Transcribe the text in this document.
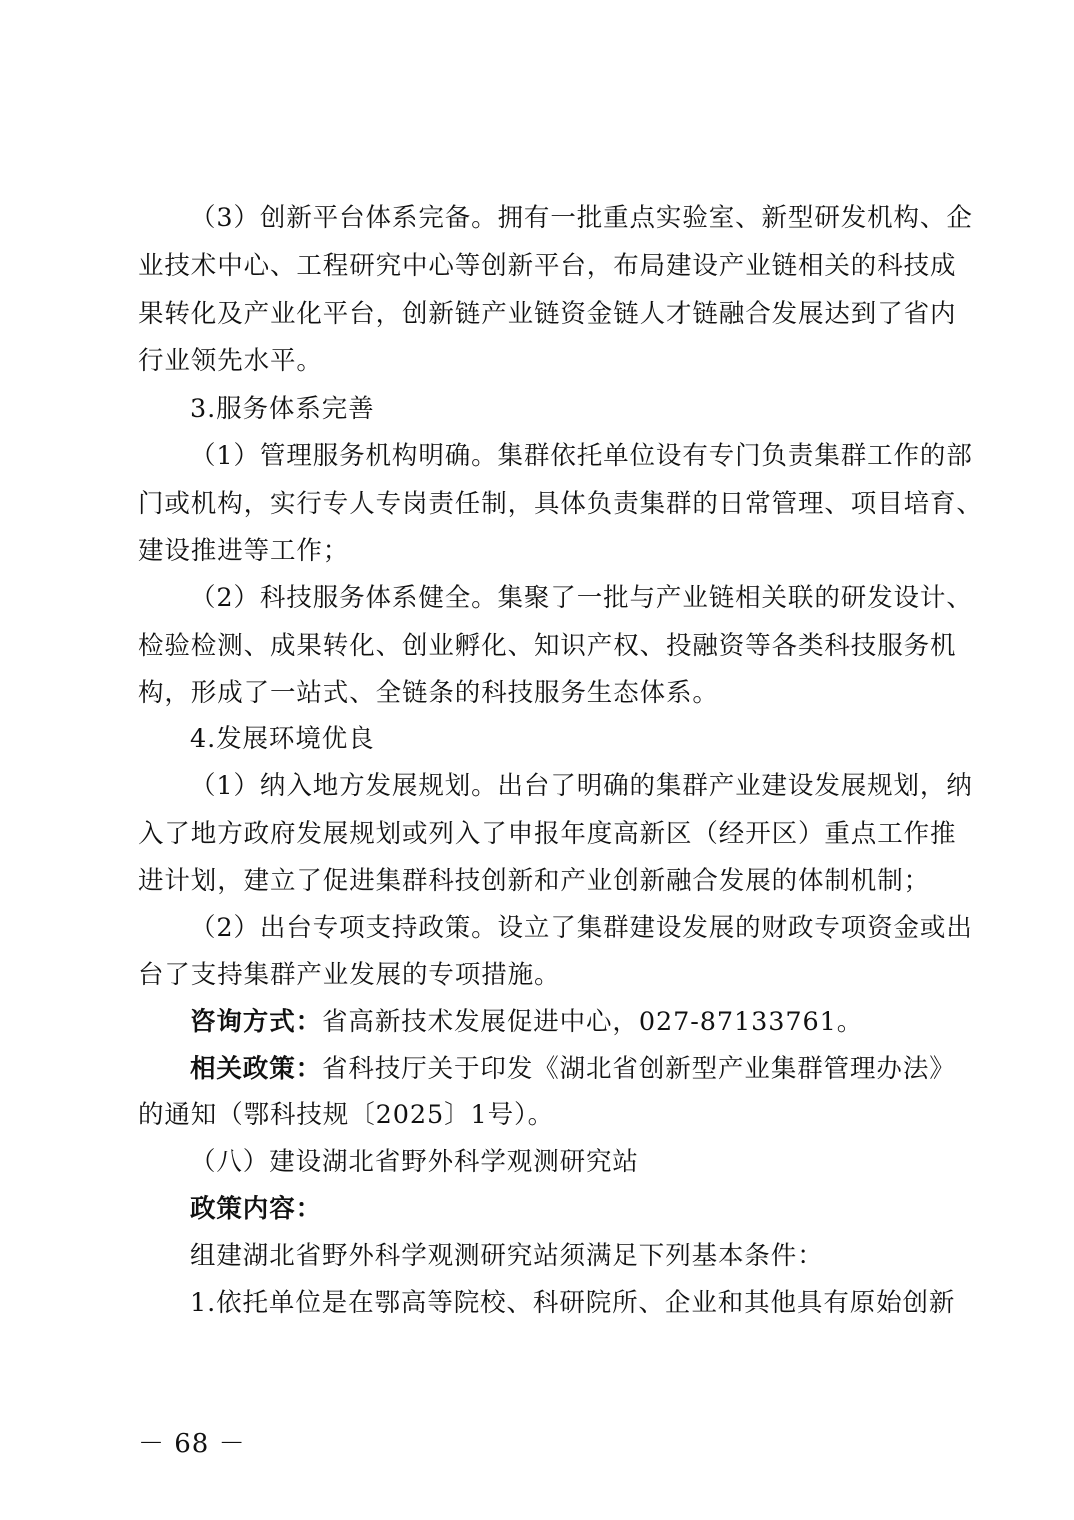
（3）创新平台体系完备。拥有一批重点实验室、新型研发机构、企
业技术中心、工程研究中心等创新平台，布局建设产业链相关的科技成
果转化及产业化平台，创新链产业链资金链人才链融合发展达到了省内
行业领先水平。
3.服务体系完善
（1）管理服务机构明确。集群依托单位设有专门负责集群工作的部
门或机构，实行专人专岗责任制，具体负责集群的日常管理、项目培育、
建设推进等工作；
（2）科技服务体系健全。集聚了一批与产业链相关联的研发设计、
检验检测、成果转化、创业孵化、知识产权、投融资等各类科技服务机
构，形成了一站式、全链条的科技服务生态体系。
4.发展环境优良
（1）纳入地方发展规划。出台了明确的集群产业建设发展规划，纳
入了地方政府发展规划或列入了申报年度高新区（经开区）重点工作推
进计划，建立了促进集群科技创新和产业创新融合发展的体制机制；
（2）出台专项支持政策。设立了集群建设发展的财政专项资金或出
台了支持集群产业发展的专项措施。
咨询方式：省高新技术发展促进中心，027-87133761。
相关政策：省科技厅关于印发《湖北省创新型产业集群管理办法》
的通知（鄂科技规〔2025〕1号）。
（八）建设湖北省野外科学观测研究站
政策内容：
组建湖北省野外科学观测研究站须满足下列基本条件：
1.依托单位是在鄂高等院校、科研院所、企业和其他具有原始创新
－ 68 －
